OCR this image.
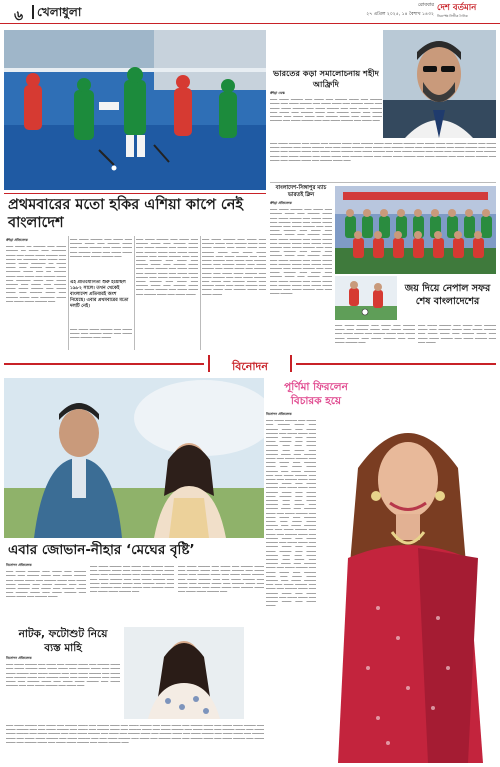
৬ খেলাধুলা	রোববার
২৭ এপ্রিল ২০২৫, ১৪ বৈশাখ ১৪৩২
দেশ বর্তমান
নিরপেক্ষ নির্ভীক দৈনিক
প্রথমবারের মতো হকির এশিয়া কাপে নেই বাংলাদেশ
ক্রীড়া প্রতিবেদক
▁▁▁ ▁▁▁▁ ▁▁ ▁▁▁▁▁ ▁▁▁ ▁▁▁▁ ▁▁▁▁▁ ▁▁ ▁▁▁▁ ▁▁▁ ▁▁▁▁▁▁ ▁▁▁▁ ▁▁▁ ▁▁▁▁ ▁▁▁▁ ▁▁▁▁▁ ▁▁▁ ▁▁▁▁ ▁▁ ▁▁▁▁▁▁ ▁▁▁ ▁▁▁▁ ▁▁▁ ▁▁▁▁ ▁▁▁▁ ▁▁▁▁▁▁ ▁▁ ▁▁▁▁ ▁▁▁▁ ▁▁▁ ▁▁▁▁▁ ▁▁▁▁ ▁▁▁ ▁▁▁▁▁▁ ▁▁▁▁ ▁▁▁ ▁▁ ▁▁▁▁▁ ▁▁▁▁ ▁▁▁ ▁▁▁▁ ▁▁▁ ▁▁▁▁▁ ▁▁▁▁ ▁▁▁ ▁▁▁▁▁▁ ▁▁▁▁ ▁▁▁ ▁▁▁▁ ▁▁▁▁▁ ▁▁▁ ▁▁▁▁ ▁▁▁ ▁▁▁▁▁ ▁▁▁▁ ▁▁▁▁ ▁▁▁▁▁ ▁▁▁ ▁▁▁▁ ▁▁▁▁ ▁▁▁ ▁▁▁▁▁ ▁▁▁▁ ▁▁▁ ▁▁▁▁▁ ▁▁▁▁ ▁▁▁ ▁▁▁▁▁▁ ▁▁▁▁ ▁▁▁ ▁▁▁▁ ▁▁▁▁ ▁▁▁▁▁ ▁▁▁
▁▁▁ ▁▁▁▁ ▁▁▁▁▁ ▁▁▁ ▁▁▁▁ ▁▁▁ ▁▁▁▁▁ ▁▁▁▁ ▁▁▁ ▁▁▁▁▁ ▁▁▁▁ ▁▁▁ ▁▁▁▁ ▁▁▁▁▁ ▁▁▁ ▁▁▁▁ ▁▁▁▁ ▁▁▁ ▁▁▁▁▁ ▁▁▁▁ ▁▁▁ ▁▁▁▁ ▁▁▁▁ ▁▁▁▁▁ ▁▁▁ ▁▁▁▁ ▁▁▁▁▁ ▁▁▁
এই প্রতিযোগিতা শুরু হয়েছিল ১৯৮২ সালে। তখন থেকেই বাংলাদেশ প্রতিবারই অংশ নিয়েছে। এবার প্রথমবারের মতো দলটি নেই।
▁▁▁ ▁▁▁▁ ▁▁▁▁ ▁▁▁▁▁ ▁▁▁ ▁▁▁▁ ▁▁▁▁ ▁▁▁ ▁▁▁▁▁ ▁▁▁▁ ▁▁▁ ▁▁▁▁ ▁▁▁▁ ▁▁▁▁▁ ▁▁▁ ▁▁▁▁
▁▁▁ ▁▁▁▁ ▁▁▁▁▁ ▁▁▁ ▁▁▁▁ ▁▁▁ ▁▁▁▁▁ ▁▁▁▁ ▁▁▁ ▁▁▁▁▁ ▁▁▁▁ ▁▁▁ ▁▁▁▁ ▁▁▁▁▁ ▁▁▁ ▁▁▁▁ ▁▁▁▁ ▁▁▁ ▁▁▁▁▁ ▁▁▁▁ ▁▁▁ ▁▁▁▁ ▁▁▁▁ ▁▁▁▁▁ ▁▁▁ ▁▁▁▁ ▁▁▁▁▁ ▁▁▁ ▁▁▁ ▁▁▁▁ ▁▁▁▁▁ ▁▁▁ ▁▁▁▁ ▁▁▁ ▁▁▁▁▁ ▁▁▁▁ ▁▁▁ ▁▁▁▁▁ ▁▁▁▁ ▁▁▁ ▁▁▁▁ ▁▁▁▁▁ ▁▁▁ ▁▁▁▁ ▁▁▁▁ ▁▁▁ ▁▁▁▁▁ ▁▁▁▁ ▁▁▁ ▁▁▁▁ ▁▁▁▁ ▁▁▁▁▁ ▁▁▁ ▁▁▁▁ ▁▁▁▁▁ ▁▁▁ ▁▁▁ ▁▁▁▁ ▁▁▁▁▁ ▁▁▁ ▁▁▁▁ ▁▁▁ ▁▁▁▁▁ ▁▁▁▁ ▁▁▁ ▁▁▁▁▁ ▁▁▁▁ ▁▁▁ ▁▁▁▁ ▁▁▁▁▁ ▁▁▁ ▁▁▁▁ ▁▁▁▁ ▁▁▁ ▁▁▁▁▁ ▁▁▁▁ ▁▁▁ ▁▁▁▁ ▁▁▁▁
▁▁▁ ▁▁▁▁ ▁▁▁▁▁ ▁▁▁ ▁▁▁▁ ▁▁▁ ▁▁▁▁▁ ▁▁▁▁ ▁▁▁ ▁▁▁▁▁ ▁▁▁▁ ▁▁▁ ▁▁▁▁ ▁▁▁▁▁ ▁▁▁ ▁▁▁▁ ▁▁▁▁ ▁▁▁ ▁▁▁▁▁ ▁▁▁▁ ▁▁▁ ▁▁▁▁ ▁▁▁▁ ▁▁▁▁▁ ▁▁▁ ▁▁▁▁ ▁▁▁▁▁ ▁▁▁ ▁▁▁ ▁▁▁▁ ▁▁▁▁▁ ▁▁▁ ▁▁▁▁ ▁▁▁ ▁▁▁▁▁ ▁▁▁▁ ▁▁▁ ▁▁▁▁▁ ▁▁▁▁ ▁▁▁ ▁▁▁▁ ▁▁▁▁▁ ▁▁▁ ▁▁▁▁ ▁▁▁▁ ▁▁▁ ▁▁▁▁▁ ▁▁▁▁ ▁▁▁ ▁▁▁▁ ▁▁▁▁ ▁▁▁▁▁ ▁▁▁ ▁▁▁▁ ▁▁▁▁▁ ▁▁▁ ▁▁▁ ▁▁▁▁ ▁▁▁▁▁ ▁▁▁ ▁▁▁▁ ▁▁▁ ▁▁▁▁▁ ▁▁▁▁ ▁▁▁ ▁▁▁▁▁ ▁▁▁▁ ▁▁▁ ▁▁▁▁ ▁▁▁▁▁ ▁▁▁ ▁▁▁▁ ▁▁▁▁ ▁▁▁ ▁▁▁▁▁ ▁▁▁▁ ▁▁▁ ▁▁▁▁ ▁▁▁▁
ভারতের কড়া সমালোচনায় শহীদ আফ্রিদি
ক্রীড়া ডেস্ক
▁▁▁ ▁▁▁▁ ▁▁▁▁▁ ▁▁▁ ▁▁▁▁ ▁▁▁ ▁▁▁▁▁ ▁▁▁▁ ▁▁▁ ▁▁▁▁▁ ▁▁▁▁ ▁▁▁ ▁▁▁▁ ▁▁▁▁▁ ▁▁▁ ▁▁▁▁ ▁▁▁▁ ▁▁▁ ▁▁▁▁▁ ▁▁▁▁ ▁▁▁ ▁▁▁▁ ▁▁▁▁ ▁▁▁▁▁ ▁▁▁ ▁▁▁▁ ▁▁▁▁▁ ▁▁▁ ▁▁▁ ▁▁▁▁ ▁▁▁▁▁ ▁▁▁ ▁▁▁▁ ▁▁▁ ▁▁▁▁▁ ▁▁▁▁ ▁▁▁ ▁▁▁▁▁ ▁▁▁▁ ▁▁▁ ▁▁▁▁ ▁▁▁▁▁ ▁▁▁ ▁▁▁▁ ▁▁▁▁ ▁▁▁ ▁▁▁▁▁ ▁▁▁▁ ▁▁▁ ▁▁▁▁ ▁▁▁▁ ▁▁▁▁▁ ▁▁▁ ▁▁▁▁ ▁▁▁▁▁ ▁▁▁ ▁▁▁ ▁▁▁▁ ▁▁▁▁▁ ▁▁▁ ▁▁▁▁ ▁▁▁
▁▁▁ ▁▁▁▁ ▁▁▁▁▁ ▁▁▁ ▁▁▁▁ ▁▁▁ ▁▁▁▁▁ ▁▁▁▁ ▁▁▁ ▁▁▁▁▁ ▁▁▁▁ ▁▁▁ ▁▁▁▁ ▁▁▁▁▁ ▁▁▁ ▁▁▁▁ ▁▁▁▁ ▁▁▁ ▁▁▁▁▁ ▁▁▁▁ ▁▁▁ ▁▁▁▁ ▁▁▁▁ ▁▁▁▁▁ ▁▁▁ ▁▁▁▁ ▁▁▁▁▁ ▁▁▁ ▁▁▁ ▁▁▁▁ ▁▁▁▁▁ ▁▁▁ ▁▁▁▁ ▁▁▁ ▁▁▁▁▁ ▁▁▁▁ ▁▁▁ ▁▁▁▁▁ ▁▁▁▁ ▁▁▁ ▁▁▁▁ ▁▁▁▁▁ ▁▁▁ ▁▁▁▁ ▁▁▁▁ ▁▁▁ ▁▁▁▁▁ ▁▁▁▁ ▁▁▁ ▁▁▁▁ ▁▁▁▁ ▁▁▁▁▁ ▁▁▁ ▁▁▁▁ ▁▁▁▁▁ ▁▁▁ ▁▁▁ ▁▁▁▁ ▁▁▁▁▁ ▁▁▁ ▁▁▁▁ ▁▁▁ ▁▁▁▁▁ ▁▁▁▁ ▁▁▁ ▁▁▁▁▁ ▁▁▁▁ ▁▁▁ ▁▁▁▁ ▁▁▁▁▁ ▁▁▁ ▁▁▁▁ ▁▁▁▁ ▁▁▁ ▁▁▁▁▁ ▁▁▁▁ ▁▁▁ ▁▁▁▁ ▁▁▁▁ ▁▁▁▁▁ ▁▁▁ ▁▁▁▁ ▁▁▁▁▁ ▁▁▁ ▁▁▁ ▁▁▁▁ ▁▁▁▁▁ ▁▁▁ ▁▁▁▁ ▁▁▁ ▁▁▁▁▁ ▁▁▁▁ ▁▁▁ ▁▁▁▁▁ ▁▁▁▁ ▁▁▁
বাংলাদেশ-সিঙ্গাপুর ম্যাচ ভারতই ক্লিন
ক্রীড়া প্রতিবেদক
▁▁▁ ▁▁▁▁ ▁▁▁▁▁ ▁▁▁ ▁▁▁▁ ▁▁▁ ▁▁▁▁▁ ▁▁▁▁ ▁▁▁ ▁▁▁▁▁ ▁▁▁▁ ▁▁▁ ▁▁▁▁ ▁▁▁▁▁ ▁▁▁ ▁▁▁▁ ▁▁▁▁ ▁▁▁ ▁▁▁▁▁ ▁▁▁▁ ▁▁▁ ▁▁▁▁ ▁▁▁▁ ▁▁▁▁▁ ▁▁▁ ▁▁▁▁ ▁▁▁▁▁ ▁▁▁ ▁▁▁ ▁▁▁▁ ▁▁▁▁▁ ▁▁▁ ▁▁▁▁ ▁▁▁ ▁▁▁▁▁ ▁▁▁▁ ▁▁▁ ▁▁▁▁▁ ▁▁▁▁ ▁▁▁ ▁▁▁▁ ▁▁▁▁▁ ▁▁▁ ▁▁▁▁ ▁▁▁▁ ▁▁▁ ▁▁▁▁▁ ▁▁▁▁ ▁▁▁ ▁▁▁▁ ▁▁▁▁ ▁▁▁▁▁ ▁▁▁ ▁▁▁▁ ▁▁▁▁▁ ▁▁▁ ▁▁▁ ▁▁▁▁ ▁▁▁▁▁ ▁▁▁ ▁▁▁▁ ▁▁▁ ▁▁▁▁▁ ▁▁▁▁ ▁▁▁ ▁▁▁▁▁ ▁▁▁▁ ▁▁▁ ▁▁▁▁ ▁▁▁▁▁ ▁▁▁ ▁▁▁▁ ▁▁▁▁ ▁▁▁ ▁▁▁▁▁ ▁▁▁▁ ▁▁▁ ▁▁▁▁ ▁▁▁▁ ▁▁▁▁▁ ▁▁▁ ▁▁▁▁ ▁▁▁▁▁ ▁▁▁ ▁▁▁ ▁▁▁▁ ▁▁▁▁▁ ▁▁▁ ▁▁▁▁ ▁▁▁ ▁▁▁▁▁ ▁▁▁▁ ▁▁▁ ▁▁▁▁▁ ▁▁▁▁ ▁▁▁ ▁▁▁▁ ▁▁▁▁▁ ▁▁▁ ▁▁▁▁ ▁▁▁▁ ▁▁▁ ▁▁▁▁▁ ▁▁▁▁ ▁▁▁ ▁▁▁▁ ▁▁▁▁ ▁▁▁▁▁ ▁▁▁ ▁▁▁▁ ▁▁▁▁▁ ▁▁▁ ▁▁▁ ▁▁▁▁ ▁▁▁▁▁	জয় দিয়ে নেপাল সফর
শেষ বাংলাদেশের
▁▁▁ ▁▁▁▁ ▁▁▁▁▁ ▁▁▁ ▁▁▁▁ ▁▁▁ ▁▁▁▁▁ ▁▁▁▁ ▁▁▁ ▁▁▁▁▁ ▁▁▁▁ ▁▁▁ ▁▁▁▁ ▁▁▁▁▁ ▁▁▁ ▁▁▁▁ ▁▁▁▁ ▁▁▁ ▁▁▁▁▁ ▁▁▁▁ ▁▁▁ ▁▁▁▁ ▁▁▁▁ ▁▁▁▁▁ ▁▁▁ ▁▁▁▁ ▁▁▁▁▁ ▁▁▁ ▁▁▁ ▁▁▁▁ ▁▁▁▁▁ ▁▁▁
▁▁▁ ▁▁▁▁ ▁▁▁▁▁ ▁▁▁ ▁▁▁▁ ▁▁▁ ▁▁▁▁▁ ▁▁▁▁ ▁▁▁ ▁▁▁▁▁ ▁▁▁▁ ▁▁▁ ▁▁▁▁ ▁▁▁▁▁ ▁▁▁ ▁▁▁▁ ▁▁▁▁ ▁▁▁ ▁▁▁▁▁ ▁▁▁▁ ▁▁▁ ▁▁▁▁ ▁▁▁▁ ▁▁▁▁▁ ▁▁▁ ▁▁▁▁ ▁▁▁▁▁ ▁▁▁ ▁▁▁ ▁▁▁▁
বিনোদন
এবার জোভান-নীহার ‘মেঘের বৃষ্টি’
বিনোদন প্রতিবেদক
▁▁▁ ▁▁▁▁ ▁▁▁▁▁ ▁▁▁ ▁▁▁▁ ▁▁▁ ▁▁▁▁▁ ▁▁▁▁ ▁▁▁ ▁▁▁▁▁ ▁▁▁▁ ▁▁▁ ▁▁▁▁ ▁▁▁▁▁ ▁▁▁ ▁▁▁▁ ▁▁▁▁ ▁▁▁ ▁▁▁▁▁ ▁▁▁▁ ▁▁▁ ▁▁▁▁ ▁▁▁▁ ▁▁▁▁▁ ▁▁▁ ▁▁▁▁ ▁▁▁▁▁ ▁▁▁ ▁▁▁ ▁▁▁▁ ▁▁▁▁▁ ▁▁▁ ▁▁▁▁ ▁▁▁ ▁▁▁▁▁ ▁▁▁▁ ▁▁▁ ▁▁▁▁▁ ▁▁▁▁ ▁▁▁ ▁▁▁▁ ▁▁▁▁▁ ▁▁▁ ▁▁▁▁ ▁▁▁▁ ▁▁▁ ▁▁▁▁▁ ▁▁▁▁
▁▁▁ ▁▁▁▁ ▁▁▁▁▁ ▁▁▁ ▁▁▁▁ ▁▁▁ ▁▁▁▁▁ ▁▁▁▁ ▁▁▁ ▁▁▁▁▁ ▁▁▁▁ ▁▁▁ ▁▁▁▁ ▁▁▁▁▁ ▁▁▁ ▁▁▁▁ ▁▁▁▁ ▁▁▁ ▁▁▁▁▁ ▁▁▁▁ ▁▁▁ ▁▁▁▁ ▁▁▁▁ ▁▁▁▁▁ ▁▁▁ ▁▁▁▁ ▁▁▁▁▁ ▁▁▁ ▁▁▁ ▁▁▁▁ ▁▁▁▁▁ ▁▁▁ ▁▁▁▁ ▁▁▁ ▁▁▁▁▁ ▁▁▁▁ ▁▁▁ ▁▁▁▁▁ ▁▁▁▁ ▁▁▁ ▁▁▁▁ ▁▁▁▁▁ ▁▁▁ ▁▁▁▁ ▁▁▁▁ ▁▁▁ ▁▁▁▁▁ ▁▁▁▁ ▁▁▁ ▁▁▁▁ ▁▁▁▁ ▁▁▁▁▁ ▁▁▁
▁▁▁ ▁▁▁▁ ▁▁▁▁▁ ▁▁▁ ▁▁▁▁ ▁▁▁ ▁▁▁▁▁ ▁▁▁▁ ▁▁▁ ▁▁▁▁▁ ▁▁▁▁ ▁▁▁ ▁▁▁▁ ▁▁▁▁▁ ▁▁▁ ▁▁▁▁ ▁▁▁▁ ▁▁▁ ▁▁▁▁▁ ▁▁▁▁ ▁▁▁ ▁▁▁▁ ▁▁▁▁ ▁▁▁▁▁ ▁▁▁ ▁▁▁▁ ▁▁▁▁▁ ▁▁▁ ▁▁▁ ▁▁▁▁ ▁▁▁▁▁ ▁▁▁ ▁▁▁▁ ▁▁▁ ▁▁▁▁▁ ▁▁▁▁ ▁▁▁ ▁▁▁▁▁ ▁▁▁▁ ▁▁▁ ▁▁▁▁ ▁▁▁▁▁ ▁▁▁ ▁▁▁▁ ▁▁▁▁ ▁▁▁ ▁▁▁▁▁ ▁▁▁▁ ▁▁▁ ▁▁▁▁ ▁▁▁▁ ▁▁▁▁▁ ▁▁▁
নাটক, ফটোশুট নিয়ে
ব্যস্ত মাহি
বিনোদন প্রতিবেদক
▁▁▁ ▁▁▁▁ ▁▁▁▁▁ ▁▁▁ ▁▁▁▁ ▁▁▁ ▁▁▁▁▁ ▁▁▁▁ ▁▁▁ ▁▁▁▁▁ ▁▁▁▁ ▁▁▁ ▁▁▁▁ ▁▁▁▁▁ ▁▁▁ ▁▁▁▁ ▁▁▁▁ ▁▁▁ ▁▁▁▁▁ ▁▁▁▁ ▁▁▁ ▁▁▁▁ ▁▁▁▁ ▁▁▁▁▁ ▁▁▁ ▁▁▁▁ ▁▁▁▁▁ ▁▁▁ ▁▁▁ ▁▁▁▁ ▁▁▁▁▁ ▁▁▁ ▁▁▁▁ ▁▁▁ ▁▁▁▁▁ ▁▁▁▁ ▁▁▁ ▁▁▁▁▁ ▁▁▁▁ ▁▁▁ ▁▁▁▁ ▁▁▁▁▁ ▁▁▁ ▁▁▁▁ ▁▁▁▁ ▁▁▁ ▁▁▁▁▁ ▁▁▁▁ ▁▁▁ ▁▁▁▁ ▁▁▁▁ ▁▁▁▁▁ ▁▁▁ ▁▁▁▁ ▁▁▁▁▁ ▁▁▁ ▁▁▁ ▁▁▁▁ ▁▁▁▁▁ ▁▁▁ ▁▁▁▁ ▁▁▁
▁▁▁ ▁▁▁▁ ▁▁▁▁▁ ▁▁▁ ▁▁▁▁ ▁▁▁ ▁▁▁▁▁ ▁▁▁▁ ▁▁▁ ▁▁▁▁▁ ▁▁▁▁ ▁▁▁ ▁▁▁▁ ▁▁▁▁▁ ▁▁▁ ▁▁▁▁ ▁▁▁▁ ▁▁▁ ▁▁▁▁▁ ▁▁▁▁ ▁▁▁ ▁▁▁▁ ▁▁▁▁ ▁▁▁▁▁ ▁▁▁ ▁▁▁▁ ▁▁▁▁▁ ▁▁▁ ▁▁▁ ▁▁▁▁ ▁▁▁▁▁ ▁▁▁ ▁▁▁▁ ▁▁▁ ▁▁▁▁▁ ▁▁▁▁ ▁▁▁ ▁▁▁▁▁ ▁▁▁▁ ▁▁▁ ▁▁▁▁ ▁▁▁▁▁ ▁▁▁ ▁▁▁▁ ▁▁▁▁ ▁▁▁ ▁▁▁▁▁ ▁▁▁▁ ▁▁▁ ▁▁▁▁ ▁▁▁▁ ▁▁▁▁▁ ▁▁▁ ▁▁▁▁ ▁▁▁▁▁ ▁▁▁ ▁▁▁ ▁▁▁▁ ▁▁▁▁▁ ▁▁▁ ▁▁▁▁ ▁▁▁ ▁▁▁▁▁ ▁▁▁▁ ▁▁▁ ▁▁▁▁▁ ▁▁▁▁ ▁▁▁ ▁▁▁▁ ▁▁▁▁▁ ▁▁▁ ▁▁▁▁ ▁▁▁▁ ▁▁▁ ▁▁▁▁▁ ▁▁▁▁ ▁▁▁ ▁▁▁▁ ▁▁▁▁ ▁▁▁▁▁ ▁▁▁ ▁▁▁▁ ▁▁▁▁▁ ▁▁▁ ▁▁▁ ▁▁▁▁ ▁▁▁▁▁ ▁▁▁ ▁▁▁▁ ▁▁▁ ▁▁▁▁▁ ▁▁▁▁ ▁▁▁ ▁▁▁▁▁ ▁▁▁▁ ▁▁▁ ▁▁▁▁ ▁▁▁▁▁ ▁▁▁ ▁▁▁▁ ▁▁▁▁ ▁▁▁ ▁▁▁▁▁ ▁▁▁▁ ▁▁▁ ▁▁▁▁ ▁▁▁▁ ▁▁▁▁▁ ▁▁▁ ▁▁▁▁ ▁▁▁▁▁ ▁▁▁
পূর্ণিমা ফিরলেন
বিচারক হয়ে
বিনোদন প্রতিবেদক
▁▁▁ ▁▁▁▁ ▁▁▁▁▁ ▁▁▁ ▁▁▁▁ ▁▁▁ ▁▁▁▁▁ ▁▁▁▁ ▁▁▁ ▁▁▁▁▁ ▁▁▁▁ ▁▁▁ ▁▁▁▁ ▁▁▁▁▁ ▁▁▁ ▁▁▁▁ ▁▁▁▁ ▁▁▁ ▁▁▁▁▁ ▁▁▁▁ ▁▁▁ ▁▁▁▁ ▁▁▁▁ ▁▁▁▁▁ ▁▁▁ ▁▁▁▁ ▁▁▁▁▁ ▁▁▁ ▁▁▁ ▁▁▁▁ ▁▁▁▁▁ ▁▁▁ ▁▁▁▁ ▁▁▁ ▁▁▁▁▁ ▁▁▁▁ ▁▁▁ ▁▁▁▁▁ ▁▁▁▁ ▁▁▁ ▁▁▁▁ ▁▁▁▁▁ ▁▁▁ ▁▁▁▁ ▁▁▁▁ ▁▁▁ ▁▁▁▁▁ ▁▁▁▁ ▁▁▁ ▁▁▁▁ ▁▁▁▁ ▁▁▁▁▁ ▁▁▁ ▁▁▁▁ ▁▁▁▁▁ ▁▁▁ ▁▁▁ ▁▁▁▁ ▁▁▁▁▁ ▁▁▁ ▁▁▁▁ ▁▁▁ ▁▁▁▁▁ ▁▁▁▁ ▁▁▁ ▁▁▁▁▁ ▁▁▁▁ ▁▁▁ ▁▁▁▁ ▁▁▁▁▁ ▁▁▁ ▁▁▁▁ ▁▁▁▁ ▁▁▁ ▁▁▁▁▁ ▁▁▁▁ ▁▁▁ ▁▁▁▁ ▁▁▁▁ ▁▁▁▁▁ ▁▁▁ ▁▁▁▁ ▁▁▁▁▁ ▁▁▁ ▁▁▁ ▁▁▁▁ ▁▁▁▁▁ ▁▁▁ ▁▁▁▁ ▁▁▁ ▁▁▁▁▁ ▁▁▁▁ ▁▁▁ ▁▁▁▁▁ ▁▁▁▁ ▁▁▁ ▁▁▁▁ ▁▁▁▁▁ ▁▁▁ ▁▁▁▁ ▁▁▁▁ ▁▁▁ ▁▁▁▁▁ ▁▁▁▁ ▁▁▁ ▁▁▁▁ ▁▁▁▁ ▁▁▁▁▁ ▁▁▁ ▁▁▁▁ ▁▁▁▁▁ ▁▁▁ ▁▁▁ ▁▁▁▁ ▁▁▁▁▁ ▁▁▁ ▁▁▁▁ ▁▁▁ ▁▁▁▁▁ ▁▁▁▁ ▁▁▁ ▁▁▁▁▁ ▁▁▁▁ ▁▁▁ ▁▁▁▁ ▁▁▁▁▁ ▁▁▁ ▁▁▁▁ ▁▁▁▁ ▁▁▁ ▁▁▁▁▁ ▁▁▁▁ ▁▁▁ ▁▁▁▁ ▁▁▁▁ ▁▁▁▁▁ ▁▁▁ ▁▁▁▁ ▁▁▁▁▁ ▁▁▁ ▁▁▁ ▁▁▁▁ ▁▁▁▁▁ ▁▁▁ ▁▁▁▁ ▁▁▁ ▁▁▁▁▁ ▁▁▁▁ ▁▁▁ ▁▁▁▁▁ ▁▁▁▁ ▁▁▁ ▁▁▁▁ ▁▁▁▁▁ ▁▁▁ ▁▁▁▁ ▁▁▁▁ ▁▁▁ ▁▁▁▁▁ ▁▁▁▁ ▁▁▁ ▁▁▁▁ ▁▁▁▁ ▁▁▁▁▁ ▁▁▁ ▁▁▁▁ ▁▁▁▁▁ ▁▁▁ ▁▁▁ ▁▁▁▁ ▁▁▁▁▁ ▁▁▁ ▁▁▁▁ ▁▁▁ ▁▁▁▁▁ ▁▁▁▁ ▁▁▁ ▁▁▁▁▁ ▁▁▁▁ ▁▁▁ ▁▁▁▁ ▁▁▁▁▁ ▁▁▁ ▁▁▁▁ ▁▁▁▁ ▁▁▁ ▁▁▁▁▁ ▁▁▁▁ ▁▁▁ ▁▁▁▁ ▁▁▁▁
